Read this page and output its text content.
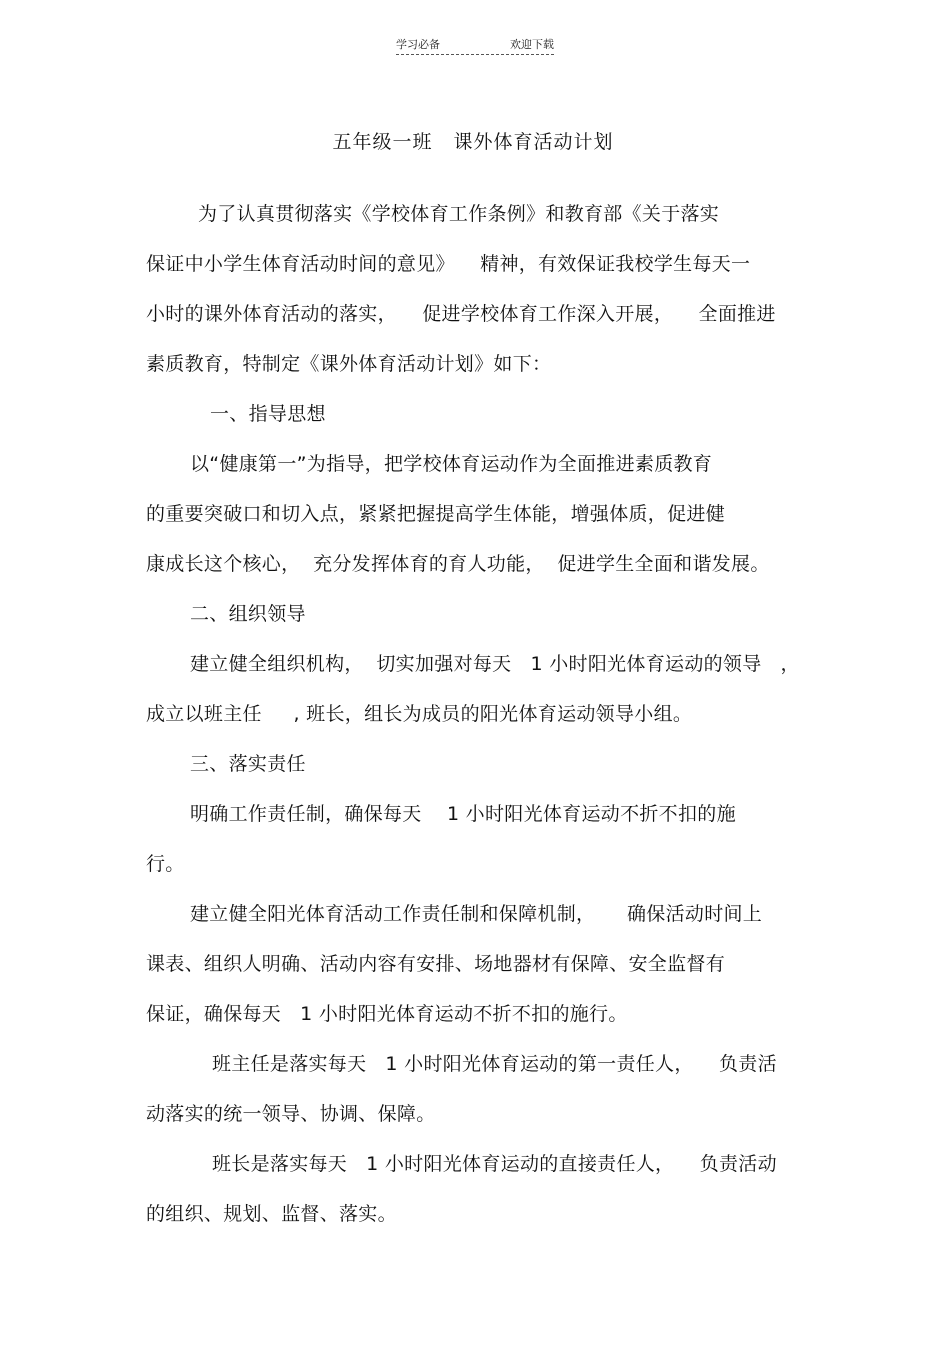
学习必备	欢迎下载
五年级一班   课外体育活动计划
为了认真贯彻落实《学校体育工作条例》和教育部《关于落实
保证中小学生体育活动时间的意见》    精神，有效保证我校学生每天一
小时的课外体育活动的落实，    促进学校体育工作深入开展，    全面推进
素质教育，特制定《课外体育活动计划》如下：
一、指导思想
以“健康第一”为指导，把学校体育运动作为全面推进素质教育
的重要突破口和切入点，紧紧把握提高学生体能，增强体质，促进健
康成长这个核心，  充分发挥体育的育人功能，  促进学生全面和谐发展。
二、组织领导
建立健全组织机构，  切实加强对每天   1 小时阳光体育运动的领导   ，
成立以班主任     , 班长，组长为成员的阳光体育运动领导小组。
三、落实责任
明确工作责任制，确保每天    1 小时阳光体育运动不折不扣的施
行。
建立健全阳光体育活动工作责任制和保障机制，     确保活动时间上
课表、组织人明确、活动内容有安排、场地器材有保障、安全监督有
保证，确保每天   1 小时阳光体育运动不折不扣的施行。
班主任是落实每天   1 小时阳光体育运动的第一责任人，    负责活
动落实的统一领导、协调、保障。
班长是落实每天   1 小时阳光体育运动的直接责任人，    负责活动
的组织、规划、监督、落实。
